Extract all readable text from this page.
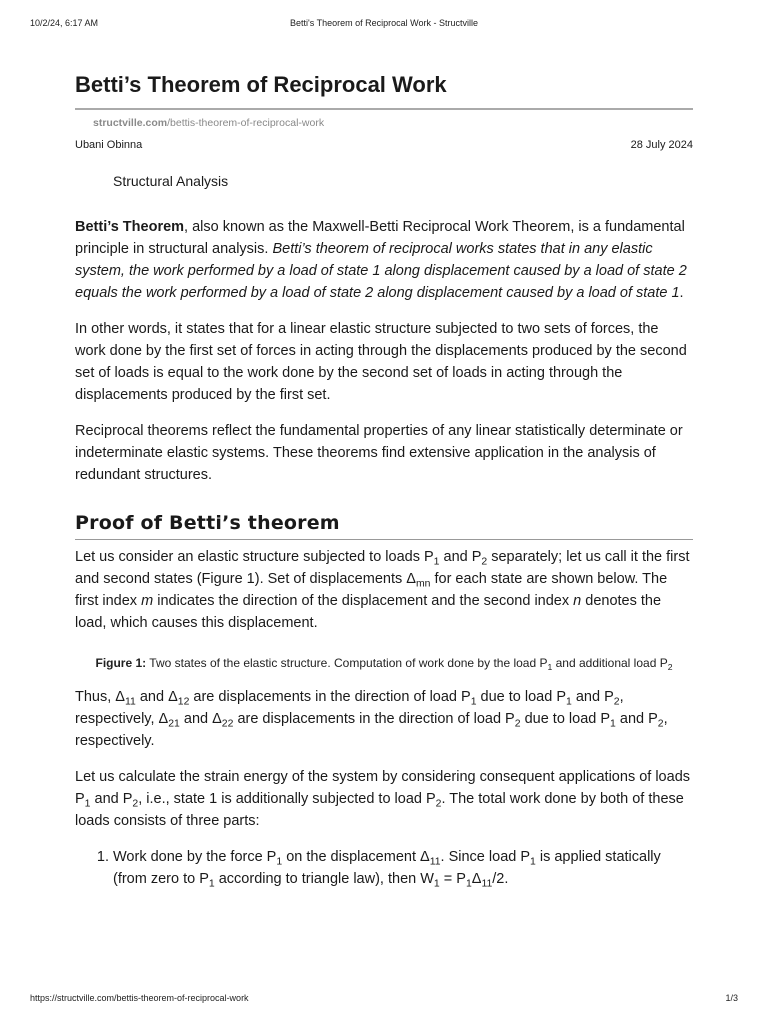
10/2/24, 6:17 AM	Betti's Theorem of Reciprocal Work - Structville
Betti’s Theorem of Reciprocal Work
structville.com/bettis-theorem-of-reciprocal-work
Ubani Obinna	28 July 2024
Structural Analysis

Betti’s Theorem, also known as the Maxwell-Betti Reciprocal Work Theorem, is a fundamental principle in structural analysis. Betti’s theorem of reciprocal works states that in any elastic system, the work performed by a load of state 1 along displacement caused by a load of state 2 equals the work performed by a load of state 2 along displacement caused by a load of state 1.

In other words, it states that for a linear elastic structure subjected to two sets of forces, the work done by the first set of forces in acting through the displacements produced by the second set of loads is equal to the work done by the second set of loads in acting through the displacements produced by the first set.

Reciprocal theorems reflect the fundamental properties of any linear statistically determinate or indeterminate elastic systems. These theorems find extensive application in the analysis of redundant structures.

Proof of Betti’s theorem

Let us consider an elastic structure subjected to loads $P_1$ and $P_2$ separately; let us call it the first and second states (Figure 1). Set of displacements $\Delta_{mn}$ for each state are shown below. The first index m indicates the direction of the displacement and the second index n denotes the load, which causes this displacement.

Figure 1: Two states of the elastic structure. Computation of work done by the load $P_1$ and additional load $P_2$

Thus, $\Delta_{11}$ and $\Delta_{12}$ are displacements in the direction of load $P_1$ due to load $P_1$ and $P_2$, respectively, $\Delta_{21}$ and $\Delta_{22}$ are displacements in the direction of load $P_2$ due to load $P_1$ and $P_2$, respectively.

Let us calculate the strain energy of the system by considering consequent applications of loads $P_1$ and $P_2$, i.e., state 1 is additionally subjected to load $P_2$. The total work done by both of these loads consists of three parts:

1. Work done by the force $P_1$ on the displacement $\Delta_{11}$. Since load $P_1$ is applied statically (from zero to $P_1$ according to triangle law), then $W_1 = P_1\Delta_{11}/2$.
https://structville.com/bettis-theorem-of-reciprocal-work	1/3
